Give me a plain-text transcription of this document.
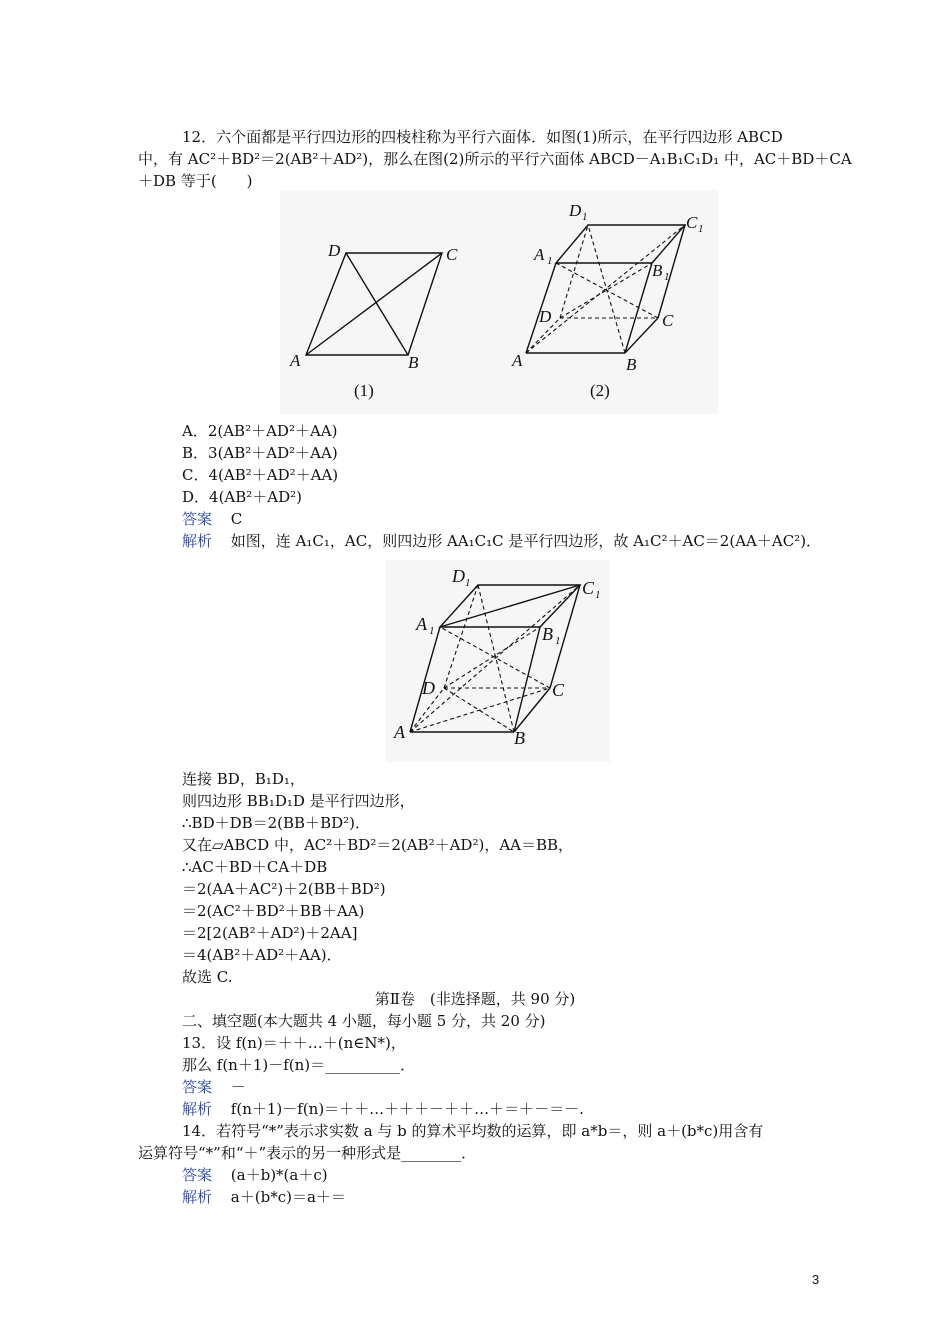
12．六个面都是平行四边形的四棱柱称为平行六面体．如图(1)所示，在平行四边形 ABCD
中，有 AC²＋BD²＝2(AB²＋AD²)，那么在图(2)所示的平行六面体 ABCD－A₁B₁C₁D₁ 中，AC＋BD＋CA
＋DB 等于(　　)
A	B
C
D
(1)
A	B
C
D
A 1	B 1
C 1
D 1
(2)
A．2(AB²＋AD²＋AA)
B．3(AB²＋AD²＋AA)
C．4(AB²＋AD²＋AA)
D．4(AB²＋AD²)
答案 C
解析 如图，连 A₁C₁，AC，则四边形 AA₁C₁C 是平行四边形，故 A₁C²＋AC＝2(AA＋AC²)．
A	B
C
D
A 1	B 1
C 1
D 1
连接 BD，B₁D₁，
则四边形 BB₁D₁D 是平行四边形，
∴BD＋DB＝2(BB＋BD²)．
又在▱ABCD 中，AC²＋BD²＝2(AB²＋AD²)，AA＝BB，
∴AC＋BD＋CA＋DB
＝2(AA＋AC²)＋2(BB＋BD²)
＝2(AC²＋BD²＋BB＋AA)
＝2[2(AB²＋AD²)＋2AA]
＝4(AB²＋AD²＋AA)．
故选 C.
第Ⅱ卷　(非选择题，共 90 分)
二、填空题(本大题共 4 小题，每小题 5 分，共 20 分)
13．设 f(n)＝＋＋…＋(n∈N*)，
那么 f(n＋1)－f(n)＝__________．
答案 －
解析 f(n＋1)－f(n)＝＋＋…＋＋＋－＋＋…＋＝＋－＝－.
14．若符号“*”表示求实数 a 与 b 的算术平均数的运算，即 a*b＝，则 a＋(b*c)用含有
运算符号“*”和“＋”表示的另一种形式是________．
答案 (a＋b)*(a＋c)
解析 a＋(b*c)＝a＋＝
3
